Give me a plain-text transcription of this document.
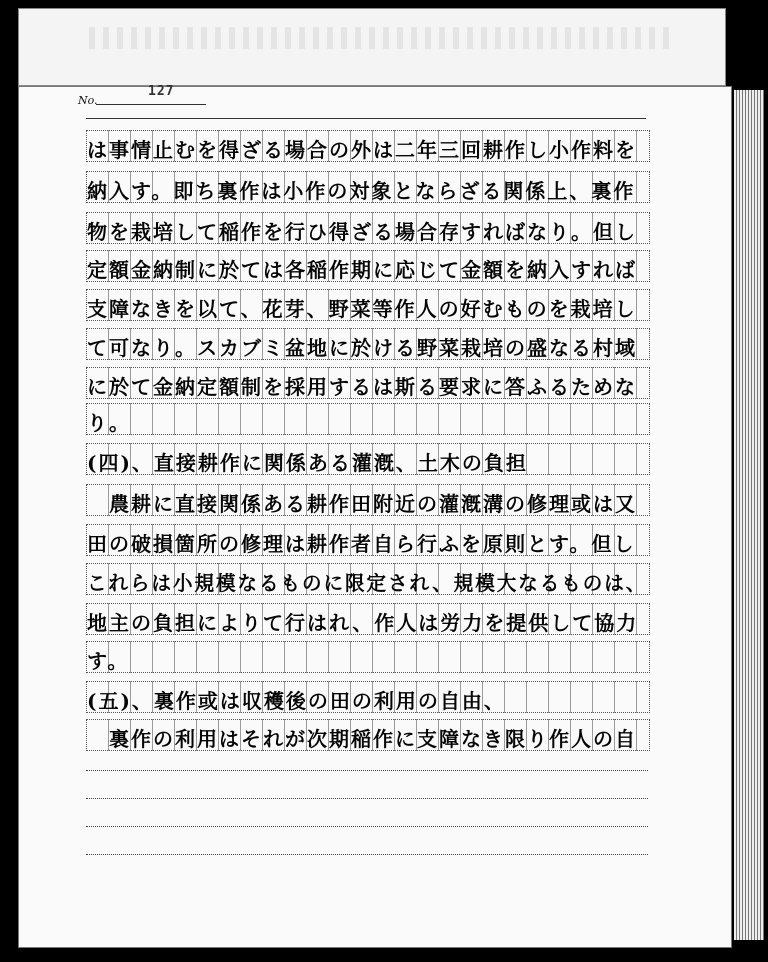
No.
127
は事情止むを得ざる場合の外は二年三回耕作し小作料を
納入す。即ち裏作は小作の対象とならざる関係上、裏作
物を栽培して稲作を行ひ得ざる場合存すればなり。但し
定額金納制に於ては各稲作期に応じて金額を納入すれば
支障なきを以て、花芽、野菜等作人の好むものを栽培し
て可なり。スカブミ盆地に於ける野菜栽培の盛なる村域
に於て金納定額制を採用するは斯る要求に答ふるためな
り。
(四)、直接耕作に関係ある灌漑、土木の負担
　農耕に直接関係ある耕作田附近の灌漑溝の修理或は又
田の破損箇所の修理は耕作者自ら行ふを原則とす。但し
これらは小規模なるものに限定され、規模大なるものは、
地主の負担によりて行はれ、作人は労力を提供して協力
す。
(五)、裏作或は収穫後の田の利用の自由、
　裏作の利用はそれが次期稲作に支障なき限り作人の自
